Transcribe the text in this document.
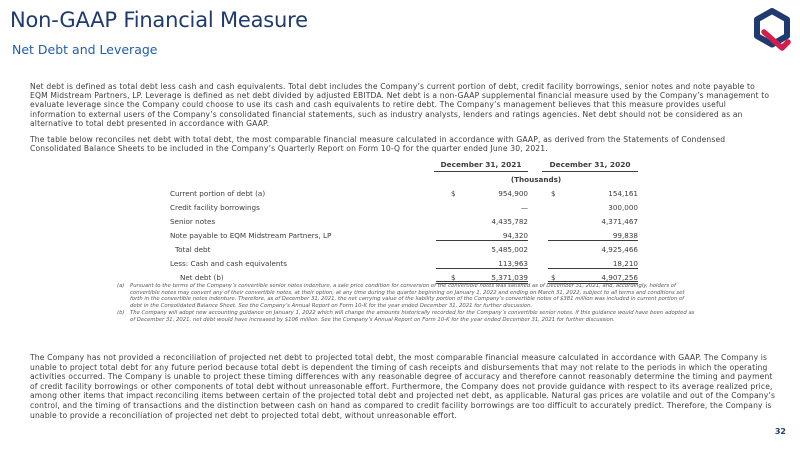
Non-GAAP Financial Measure
Net Debt and Leverage
Net debt is defined as total debt less cash and cash equivalents. Total debt includes the Company’s current portion of debt, credit facility borrowings, senior notes and note payable to EQM Midstream Partners, LP. Leverage is defined as net debt divided by adjusted EBITDA. Net debt is a non-GAAP supplemental financial measure used by the Company’s management to evaluate leverage since the Company could choose to use its cash and cash equivalents to retire debt. The Company’s management believes that this measure provides useful information to external users of the Company’s consolidated financial statements, such as industry analysts, lenders and ratings agencies. Net debt should not be considered as an alternative to total debt presented in accordance with GAAP.
The table below reconciles net debt with total debt, the most comparable financial measure calculated in accordance with GAAP, as derived from the Statements of Condensed Consolidated Balance Sheets to be included in the Company’s Quarterly Report on Form 10-Q for the quarter ended June 30, 2021.
December 31, 2021	December 31, 2020
(Thousands)
Current portion of debt (a)	$	954,900	$	154,161
Credit facility borrowings	—	300,000
Senior notes	4,435,782	4,371,467
Note payable to EQM Midstream Partners, LP	94,320	99,838
Total debt	5,485,002	4,925,466
Less: Cash and cash equivalents	113,963	18,210
Net debt (b)	$	5,371,039	$	4,907,256
(a) Pursuant to the terms of the Company’s convertible senior notes indenture, a sale price condition for conversion of the convertible notes was satisfied as of December 31, 2021, and, accordingly, holders of convertible notes may convert any of their convertible notes, at their option, at any time during the quarter beginning on January 1, 2022 and ending on March 31, 2022, subject to all terms and conditions set forth in the convertible notes indenture. Therefore, as of December 31, 2021, the net carrying value of the liability portion of the Company’s convertible notes of $381 million was included in current portion of debt in the Consolidated Balance Sheet. See the Company’s Annual Report on Form 10-K for the year ended December 31, 2021 for further discussion.
(b) The Company will adopt new accounting guidance on January 1, 2022 which will change the amounts historically recorded for the Company’s convertible senior notes. If this guidance would have been adopted as of December 31, 2021, net debt would have increased by $106 million. See the Company’s Annual Report on Form 10-K for the year ended December 31, 2021 for further discussion.
The Company has not provided a reconciliation of projected net debt to projected total debt, the most comparable financial measure calculated in accordance with GAAP. The Company is unable to project total debt for any future period because total debt is dependent the timing of cash receipts and disbursements that may not relate to the periods in which the operating activities occurred. The Company is unable to project these timing differences with any reasonable degree of accuracy and therefore cannot reasonably determine the timing and payment of credit facility borrowings or other components of total debt without unreasonable effort. Furthermore, the Company does not provide guidance with respect to its average realized price, among other items that impact reconciling items between certain of the projected total debt and projected net debt, as applicable. Natural gas prices are volatile and out of the Company’s control, and the timing of transactions and the distinction between cash on hand as compared to credit facility borrowings are too difficult to accurately predict. Therefore, the Company is unable to provide a reconciliation of projected net debt to projected total debt, without unreasonable effort.
32
